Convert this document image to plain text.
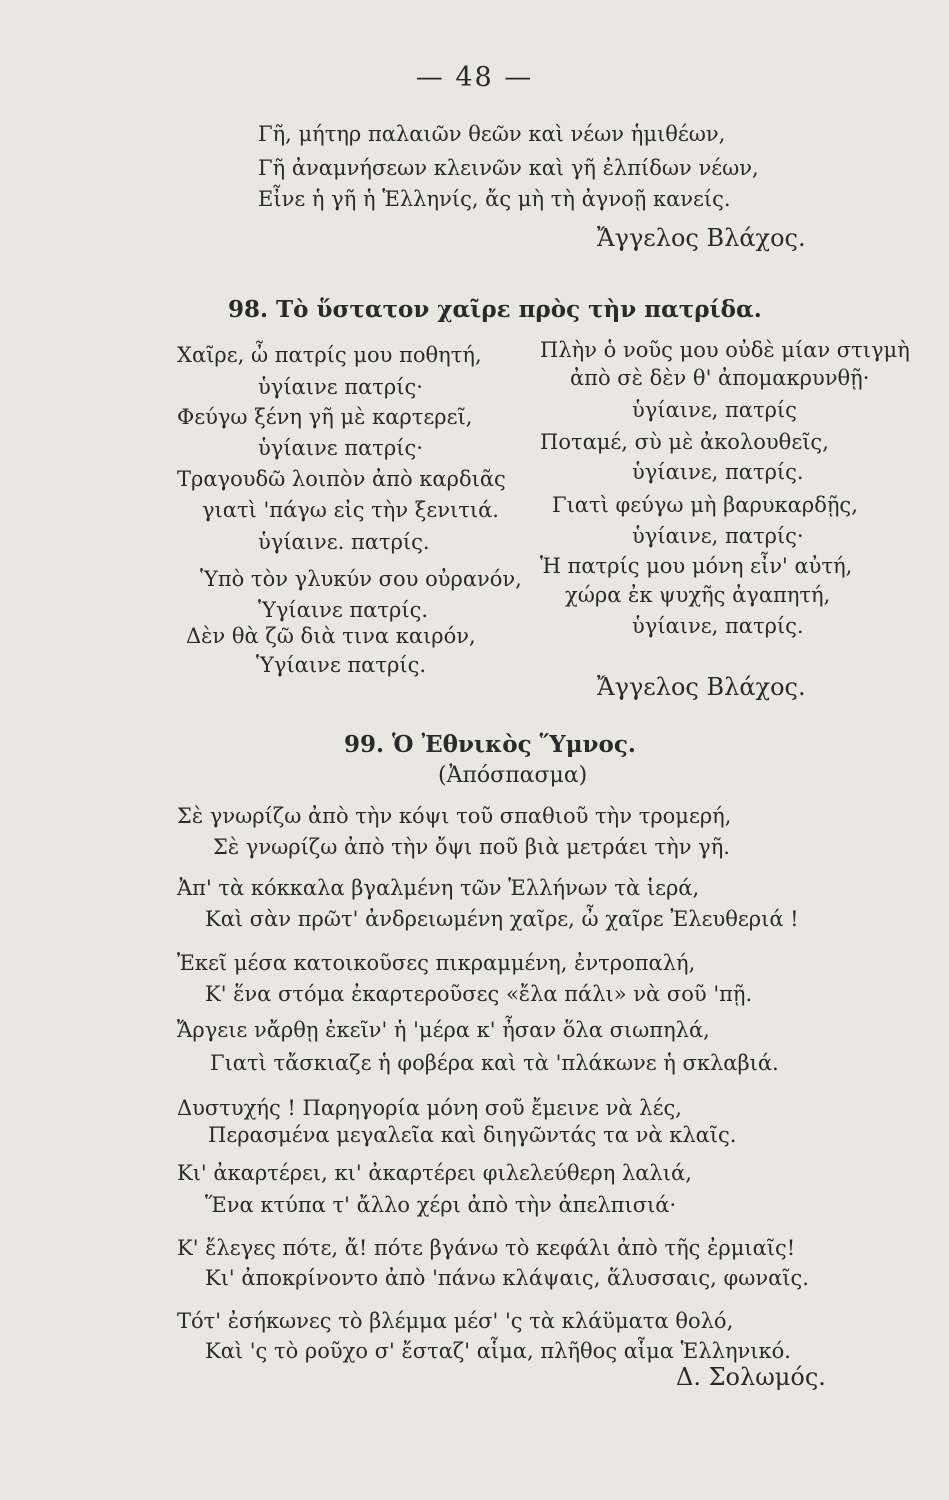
— 48 —
Γῆ, μήτηρ παλαιῶν θεῶν καὶ νέων ἡμιθέων,
Γῆ ἀναμνήσεων κλεινῶν καὶ γῆ ἐλπίδων νέων,
Εἶνε ἡ γῆ ἡ Ἑλληνίς, ἄς μὴ τὴ ἀγνοῇ κανείς.
Ἄγγελος Βλάχος.
98. Τὸ ὕστατον χαῖρε πρὸς τὴν πατρίδα.
Χαῖρε, ὦ πατρίς μου ποθητή,
ὑγίαινε πατρίς·
Φεύγω ξένη γῆ μὲ καρτερεῖ,
ὑγίαινε πατρίς·
Τραγουδῶ λοιπὸν ἀπὸ καρδιᾶς
γιατὶ 'πάγω εἰς τὴν ξενιτιά.
ὑγίαινε. πατρίς.
Ὑπὸ τὸν γλυκύν σου οὐρανόν,
Ὑγίαινε πατρίς.
Δὲν θὰ ζῶ διὰ τινα καιρόν,
Ὑγίαινε πατρίς.
Πλὴν ὁ νοῦς μου οὐδὲ μίαν στιγμὴ
ἀπὸ σὲ δὲν θ' ἀπομακρυνθῇ·
ὑγίαινε, πατρίς
Ποταμέ, σὺ μὲ ἀκολουθεῖς,
ὑγίαινε, πατρίς.
Γιατὶ φεύγω μὴ βαρυκαρδῇς,
ὑγίαινε, πατρίς·
Ἡ πατρίς μου μόνη εἶν' αὐτή,
χώρα ἐκ ψυχῆς ἀγαπητή,
ὑγίαινε, πατρίς.
Ἄγγελος Βλάχος.
99. Ὁ Ἐθνικὸς Ὕμνος.
(Ἀπόσπασμα)
Σὲ γνωρίζω ἀπὸ τὴν κόψι τοῦ σπαθιοῦ τὴν τρομερή,
Σὲ γνωρίζω ἀπὸ τὴν ὄψι ποῦ βιὰ μετράει τὴν γῆ.
Ἀπ' τὰ κόκκαλα βγαλμένη τῶν Ἑλλήνων τὰ ἱερά,
Καὶ σὰν πρῶτ' ἀνδρειωμένη χαῖρε, ὦ χαῖρε Ἐλευθεριά !
Ἐκεῖ μέσα κατοικοῦσες πικραμμένη, ἐντροπαλή,
Κ' ἕνα στόμα ἐκαρτεροῦσες «ἔλα πάλι» νὰ σοῦ 'πῇ.
Ἄργειε νἄρθῃ ἐκεῖν' ἡ 'μέρα κ' ἦσαν ὅλα σιωπηλά,
Γιατὶ τἄσκιαζε ἡ φοβέρα καὶ τὰ 'πλάκωνε ἡ σκλαβιά.
Δυστυχής ! Παρηγορία μόνη σοῦ ἔμεινε νὰ λές,
Περασμένα μεγαλεῖα καὶ διηγῶντάς τα νὰ κλαῖς.
Κι' ἀκαρτέρει, κι' ἀκαρτέρει φιλελεύθερη λαλιά,
Ἕνα κτύπα τ' ἄλλο χέρι ἀπὸ τὴν ἀπελπισιά·
Κ' ἔλεγες πότε, ἄ! πότε βγάνω τὸ κεφάλι ἀπὸ τῆς ἐρμιαῖς!
Κι' ἀποκρίνοντο ἀπὸ 'πάνω κλάψαις, ἅλυσσαις, φωναῖς.
Τότ' ἐσήκωνες τὸ βλέμμα μέσ' 'ς τὰ κλάϋματα θολό,
Καὶ 'ς τὸ ροῦχο σ' ἔσταζ' αἷμα, πλῆθος αἷμα Ἑλληνικό.
Δ. Σολωμός.
